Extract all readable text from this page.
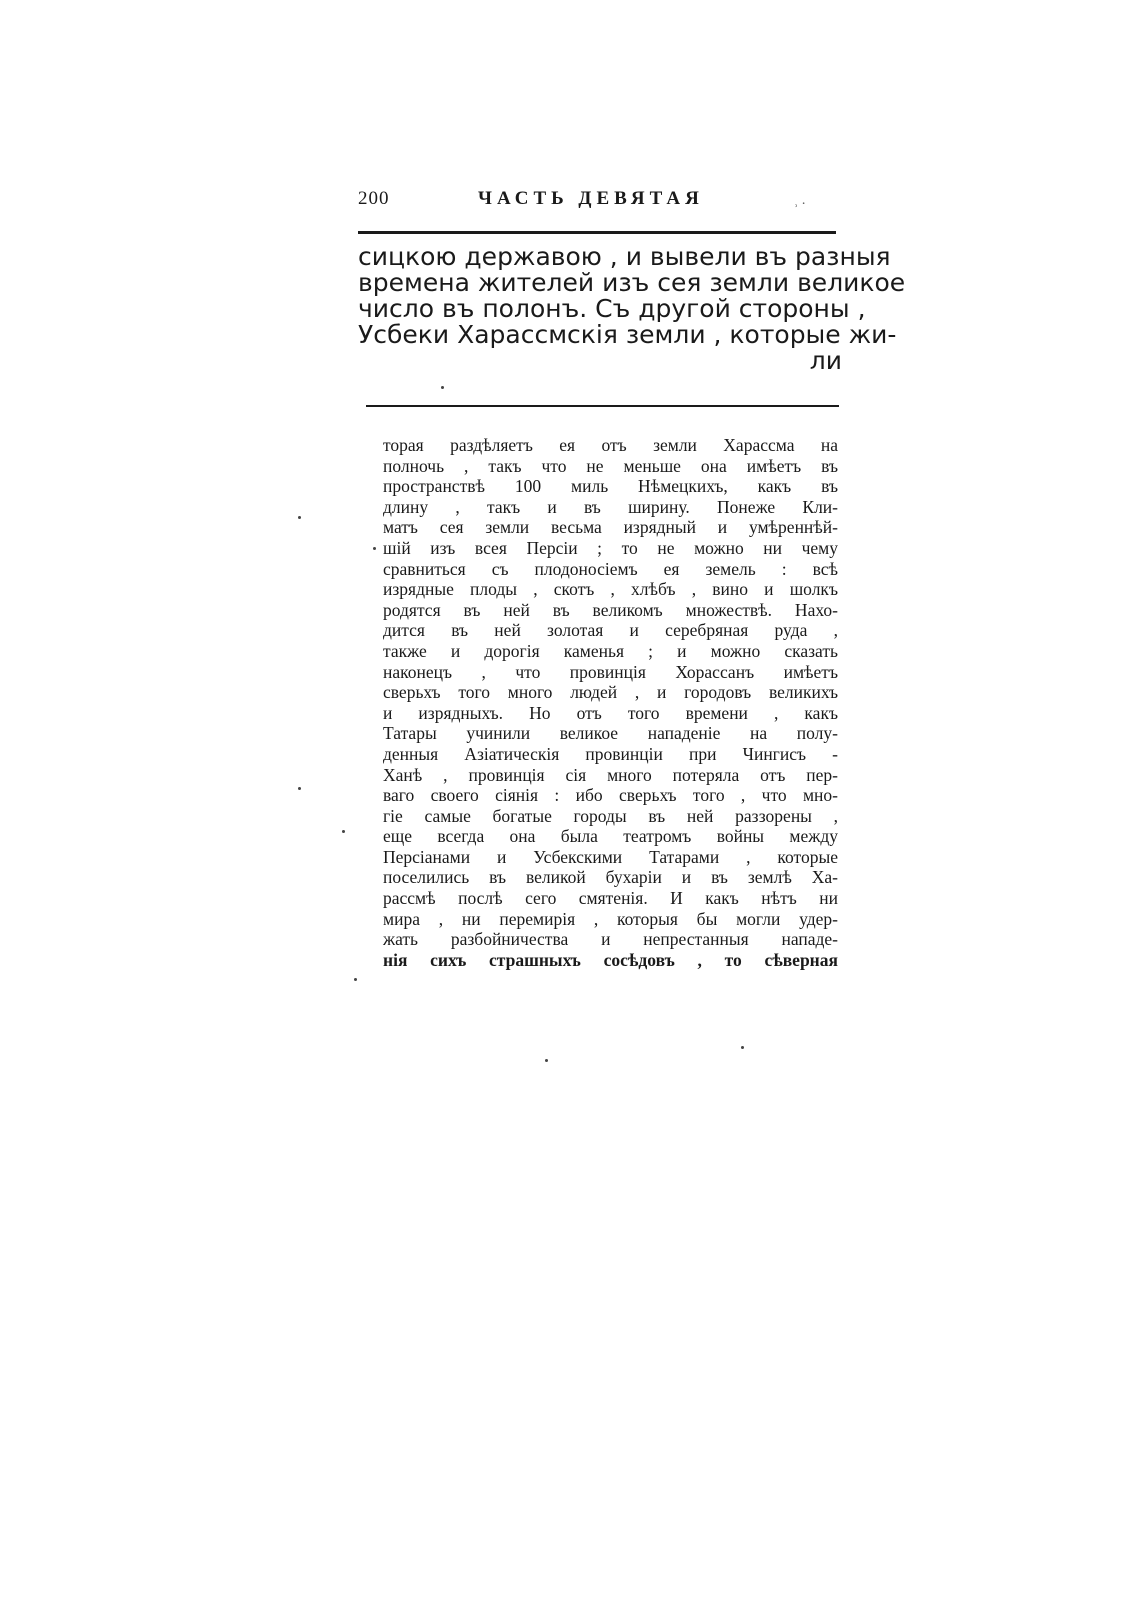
200	ЧАСТЬ ДЕВЯТАЯ	⸒ .
сицкою державою , и вывели въ разныя
времена жителей изъ сея земли великое
число въ полонъ. Съ другой стороны ,
Усбеки Харассмскія земли , которые жи-
ли
торая раздѣляетъ ея отъ земли Харассма на
полночь , такъ что не меньше она имѣетъ въ
пространствѣ 100 миль Нѣмецкихъ, какъ въ
длину , такъ и въ ширину. Понеже Кли-
матъ сея земли весьма изрядный и умѣреннѣй-
шій изъ всея Персіи ; то не можно ни чему
сравниться съ плодоносіемъ ея земель : всѣ
изрядные плоды , скотъ , хлѣбъ , вино и шолкъ
родятся въ ней въ великомъ множествѣ. Нахо-
дится въ ней золотая и серебряная руда ,
также и дорогія каменья ; и можно сказать
наконецъ , что провинція Хорассанъ имѣетъ
сверьхъ того много людей , и городовъ великихъ
и изрядныхъ. Но отъ того времени , какъ
Татары учинили великое нападеніе на полу-
денныя Азіатическія провинціи при Чингисъ -
Ханѣ , провинція сія много потеряла отъ пер-
ваго своего сіянія : ибо сверьхъ того , что мно-
гіе самые богатые городы въ ней раззорены ,
еще всегда она была театромъ войны между
Персіанами и Усбекскими Татарами , которые
поселились въ великой бухаріи и въ землѣ Ха-
рассмѣ послѣ сего смятенія. И какъ нѣтъ ни
мира , ни перемирія , которыя бы могли удер-
жать разбойничества и непрестанныя нападе-
нія сихъ страшныхъ сосѣдовъ , то сѣверная
